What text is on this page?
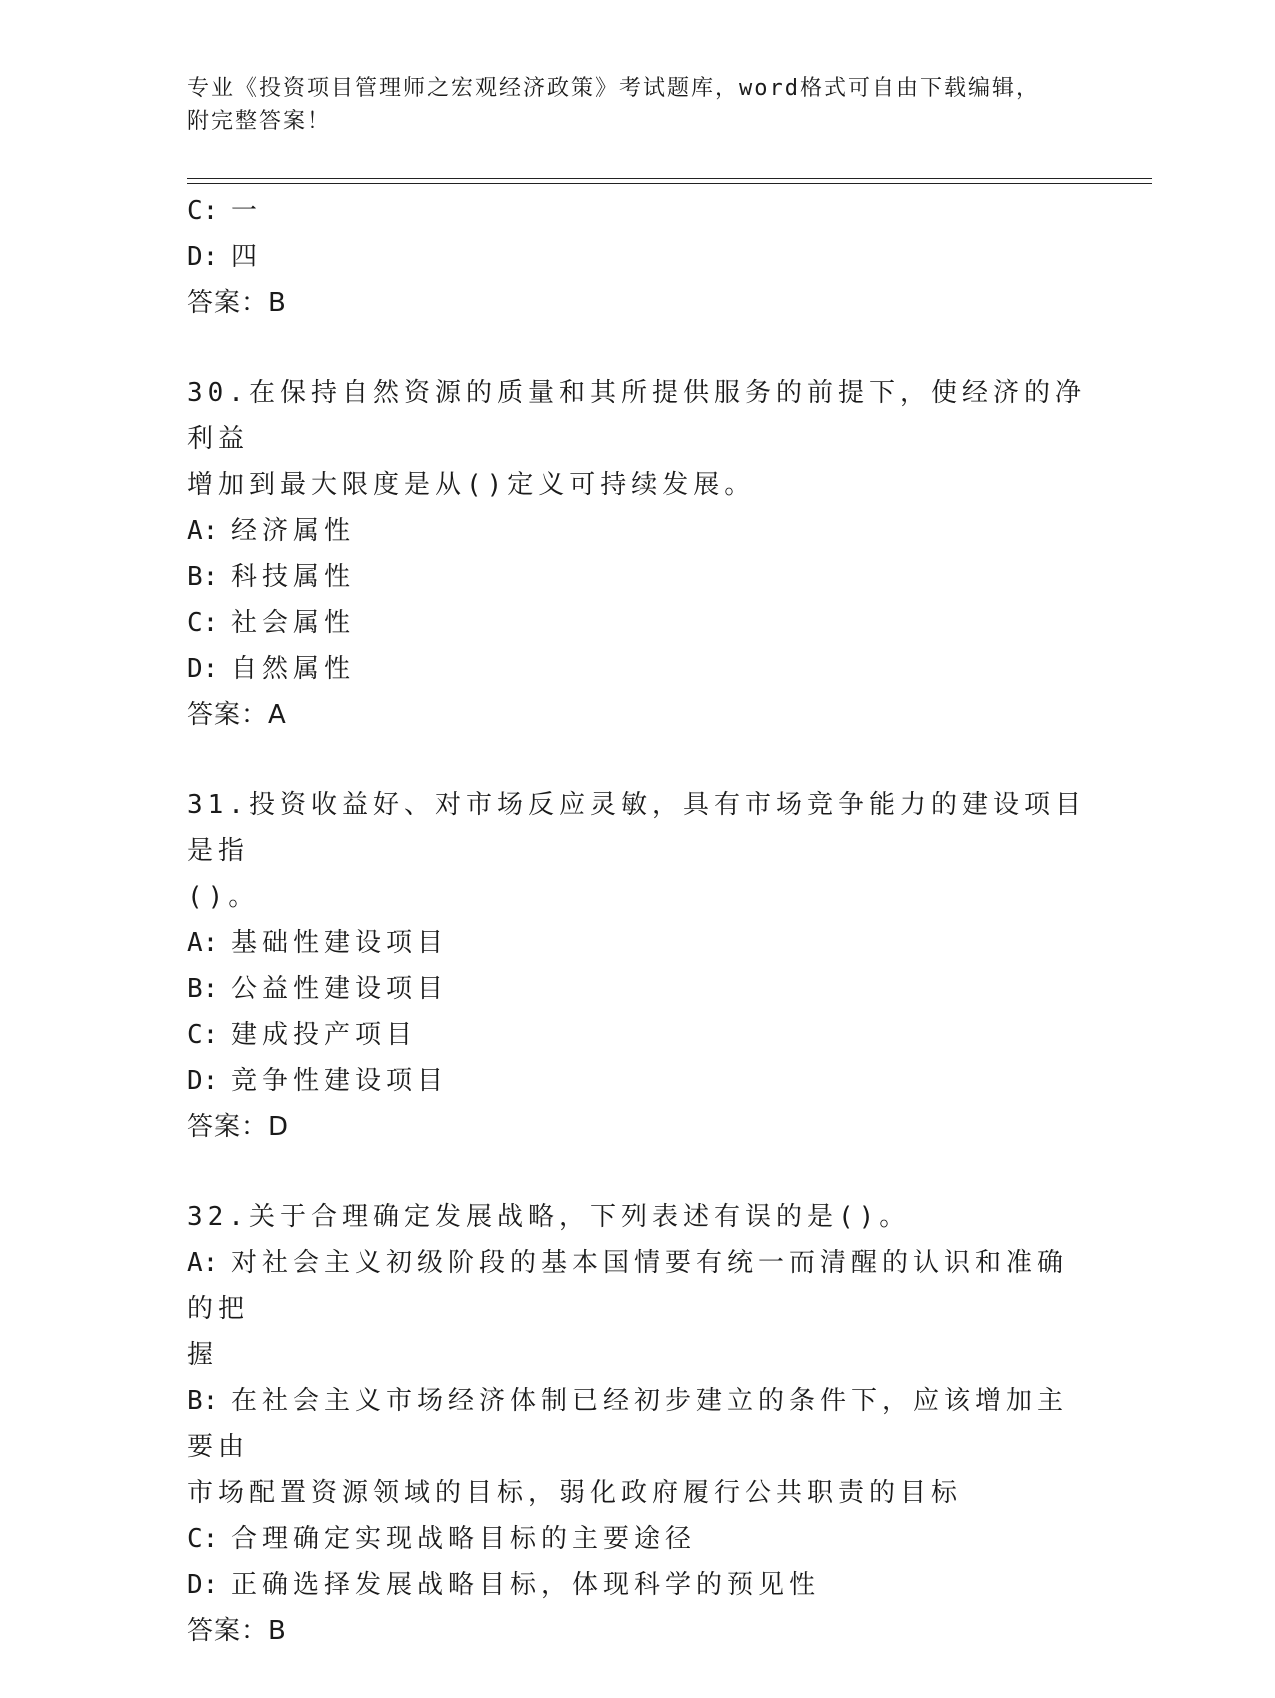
专业《投资项目管理师之宏观经济政策》考试题库，word格式可自由下载编辑，
附完整答案！
C: 一
D: 四
答案：B
30.在保持自然资源的质量和其所提供服务的前提下，使经济的净利益
增加到最大限度是从()定义可持续发展。
A: 经济属性
B: 科技属性
C: 社会属性
D: 自然属性
答案：A
31.投资收益好、对市场反应灵敏，具有市场竞争能力的建设项目是指
()。
A: 基础性建设项目
B: 公益性建设项目
C: 建成投产项目
D: 竞争性建设项目
答案：D
32.关于合理确定发展战略，下列表述有误的是()。
A: 对社会主义初级阶段的基本国情要有统一而清醒的认识和准确的把
握
B: 在社会主义市场经济体制已经初步建立的条件下，应该增加主要由
市场配置资源领域的目标，弱化政府履行公共职责的目标
C: 合理确定实现战略目标的主要途径
D: 正确选择发展战略目标，体现科学的预见性
答案：B
